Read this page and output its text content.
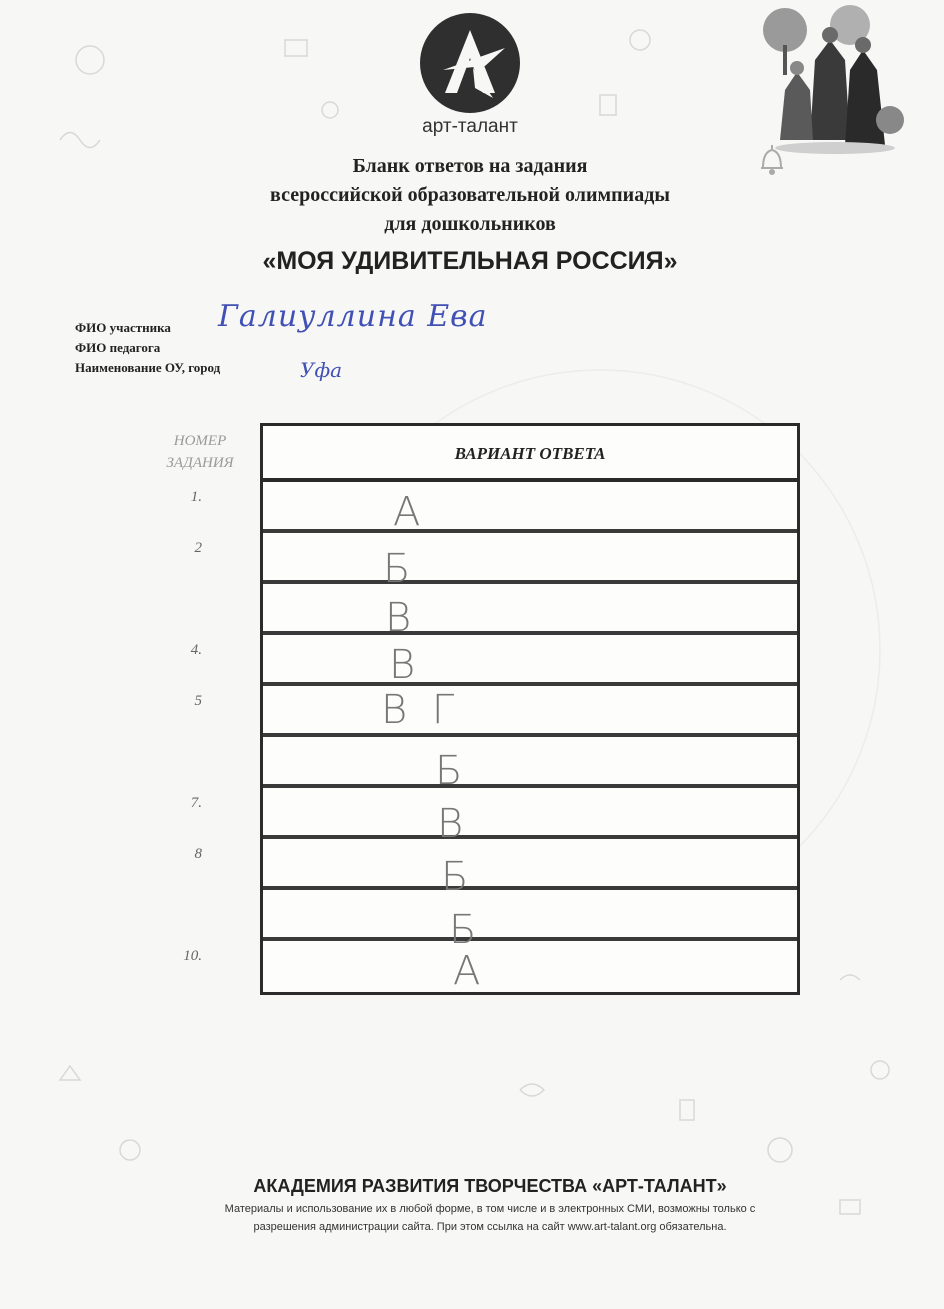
арт-талант
Бланк ответов на задания
всероссийской образовательной олимпиады
для дошкольников
«МОЯ УДИВИТЕЛЬНАЯ РОССИЯ»
ФИО участника
ФИО педагога
Наименование ОУ, город
Галиуллина Ева
Уфа
НОМЕР ЗАДАНИЯ
1.
2
4.
5
7.
8
10.
ВАРИАНТ ОТВЕТА
А
Б
В
В
В Г
Б
В
Б
Б
А
АКАДЕМИЯ РАЗВИТИЯ ТВОРЧЕСТВА «АРТ-ТАЛАНТ»
Материалы и использование их в любой форме, в том числе и в электронных СМИ, возможны только с
разрешения администрации сайта. При этом ссылка на сайт www.art-talant.org обязательна.
